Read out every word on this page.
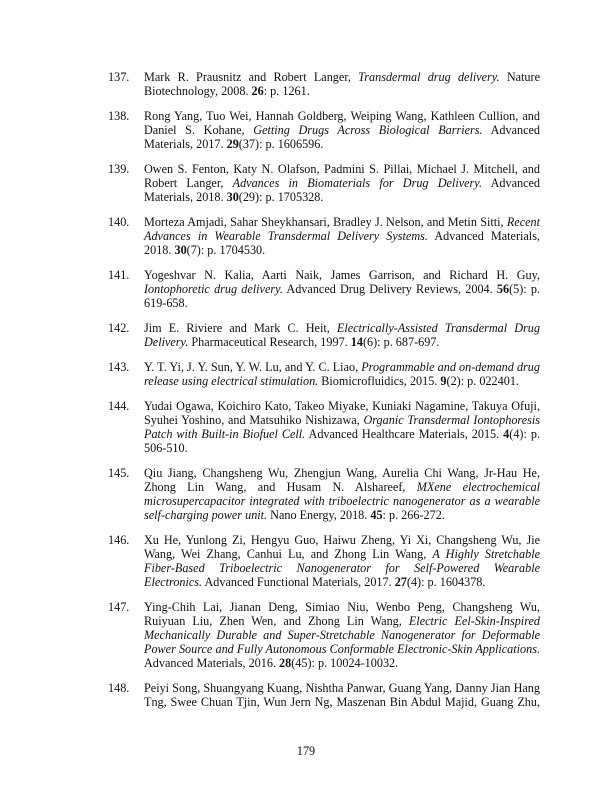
137.	Mark R. Prausnitz and Robert Langer, Transdermal drug delivery. Nature Biotechnology, 2008. 26: p. 1261.
138.	Rong Yang, Tuo Wei, Hannah Goldberg, Weiping Wang, Kathleen Cullion, and Daniel S. Kohane, Getting Drugs Across Biological Barriers. Advanced Materials, 2017. 29(37): p. 1606596.
139.	Owen S. Fenton, Katy N. Olafson, Padmini S. Pillai, Michael J. Mitchell, and Robert Langer, Advances in Biomaterials for Drug Delivery. Advanced Materials, 2018. 30(29): p. 1705328.
140.	Morteza Amjadi, Sahar Sheykhansari, Bradley J. Nelson, and Metin Sitti, Recent Advances in Wearable Transdermal Delivery Systems. Advanced Materials, 2018. 30(7): p. 1704530.
141.	Yogeshvar N. Kalia, Aarti Naik, James Garrison, and Richard H. Guy, Iontophoretic drug delivery. Advanced Drug Delivery Reviews, 2004. 56(5): p. 619-658.
142.	Jim E. Riviere and Mark C. Heit, Electrically-Assisted Transdermal Drug Delivery. Pharmaceutical Research, 1997. 14(6): p. 687-697.
143.	Y. T. Yi, J. Y. Sun, Y. W. Lu, and Y. C. Liao, Programmable and on-demand drug release using electrical stimulation. Biomicrofluidics, 2015. 9(2): p. 022401.
144.	Yudai Ogawa, Koichiro Kato, Takeo Miyake, Kuniaki Nagamine, Takuya Ofuji, Syuhei Yoshino, and Matsuhiko Nishizawa, Organic Transdermal Iontophoresis Patch with Built-in Biofuel Cell. Advanced Healthcare Materials, 2015. 4(4): p. 506-510.
145.	Qiu Jiang, Changsheng Wu, Zhengjun Wang, Aurelia Chi Wang, Jr-Hau He, Zhong Lin Wang, and Husam N. Alshareef, MXene electrochemical microsupercapacitor integrated with triboelectric nanogenerator as a wearable self-charging power unit. Nano Energy, 2018. 45: p. 266-272.
146.	Xu He, Yunlong Zi, Hengyu Guo, Haiwu Zheng, Yi Xi, Changsheng Wu, Jie Wang, Wei Zhang, Canhui Lu, and Zhong Lin Wang, A Highly Stretchable Fiber-Based Triboelectric Nanogenerator for Self-Powered Wearable Electronics. Advanced Functional Materials, 2017. 27(4): p. 1604378.
147.	Ying-Chih Lai, Jianan Deng, Simiao Niu, Wenbo Peng, Changsheng Wu, Ruiyuan Liu, Zhen Wen, and Zhong Lin Wang, Electric Eel-Skin-Inspired Mechanically Durable and Super-Stretchable Nanogenerator for Deformable Power Source and Fully Autonomous Conformable Electronic-Skin Applications. Advanced Materials, 2016. 28(45): p. 10024-10032.
148.	Peiyi Song, Shuangyang Kuang, Nishtha Panwar, Guang Yang, Danny Jian Hang Tng, Swee Chuan Tjin, Wun Jern Ng, Maszenan Bin Abdul Majid, Guang Zhu,
179
